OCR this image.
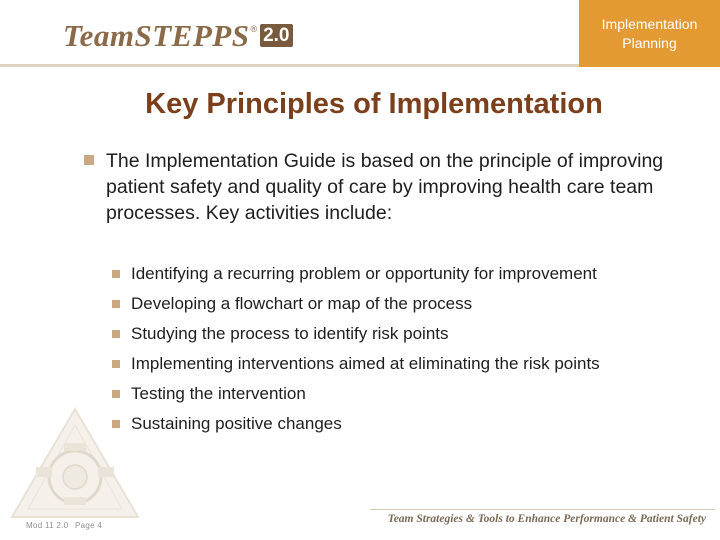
TeamSTEPPS ® 2.0
Implementation
Planning
Key Principles of Implementation
The Implementation Guide is based on the principle of improving patient safety and quality of care by improving health care team processes. Key activities include:
Identifying a recurring problem or opportunity for improvement
Developing a flowchart or map of the process
Studying the process to identify risk points
Implementing interventions aimed at eliminating the risk points
Testing the intervention
Sustaining positive changes
Mod 11 2.0 Page 4
Team Strategies & Tools to Enhance Performance & Patient Safety
